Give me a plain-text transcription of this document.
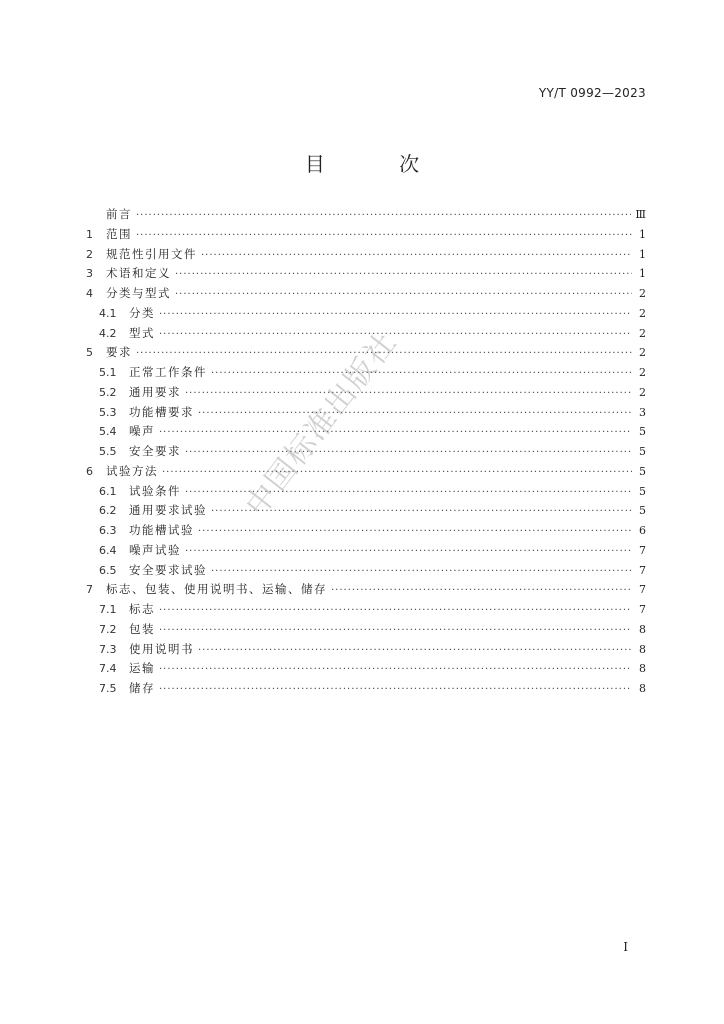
YY/T 0992—2023
目 次
前言 ·····	Ⅲ
1	范围 ·····	1
2	规范性引用文件 ·····	1
3	术语和定义 ·····	1
4	分类与型式 ·····	2
4.1	分类 ·····	2
4.2	型式 ·····	2
5	要求 ·····	2
5.1	正常工作条件 ·····	2
5.2	通用要求 ·····	2
5.3	功能槽要求 ·····	3
5.4	噪声 ·····	5
5.5	安全要求 ·····	5
6	试验方法 ·····	5
6.1	试验条件 ·····	5
6.2	通用要求试验 ·····	5
6.3	功能槽试验 ·····	6
6.4	噪声试验 ·····	7
6.5	安全要求试验 ·····	7
7	标志、包装、使用说明书、运输、储存 ·····	7
7.1	标志 ·····	7
7.2	包装 ·····	8
7.3	使用说明书 ·····	8
7.4	运输 ·····	8
7.5	储存 ·····	8
中国标准出版社
I
